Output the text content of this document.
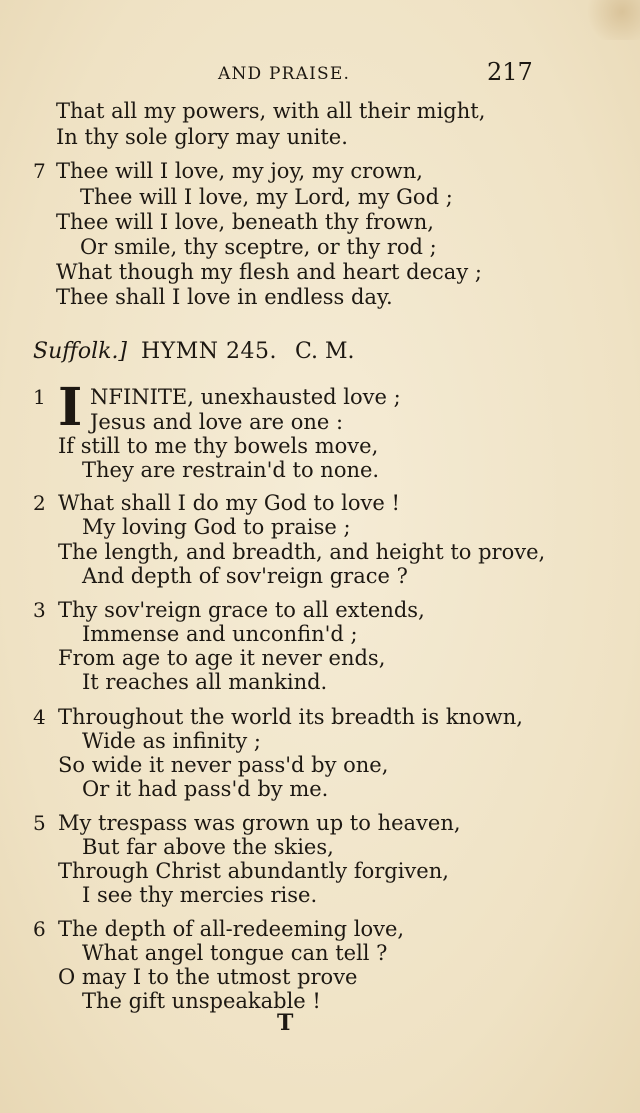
AND PRAISE.	217
That all my powers, with all their might,
In thy sole glory may unite.
7 Thee will I love, my joy, my crown,
Thee will I love, my Lord, my God ;
Thee will I love, beneath thy frown,
Or smile, thy sceptre, or thy rod ;
What though my flesh and heart decay ;
Thee shall I love in endless day.
Suffolk.] HYMN 245. C. M.
1 I NFINITE, unexhausted love ;
Jesus and love are one :
If still to me thy bowels move,
They are restrain'd to none.
2 What shall I do my God to love !
My loving God to praise ;
The length, and breadth, and height to prove,
And depth of sov'reign grace ?
3 Thy sov'reign grace to all extends,
Immense and unconfin'd ;
From age to age it never ends,
It reaches all mankind.
4 Throughout the world its breadth is known,
Wide as infinity ;
So wide it never pass'd by one,
Or it had pass'd by me.
5 My trespass was grown up to heaven,
But far above the skies,
Through Christ abundantly forgiven,
I see thy mercies rise.
6 The depth of all-redeeming love,
What angel tongue can tell ?
O may I to the utmost prove
The gift unspeakable !
T
